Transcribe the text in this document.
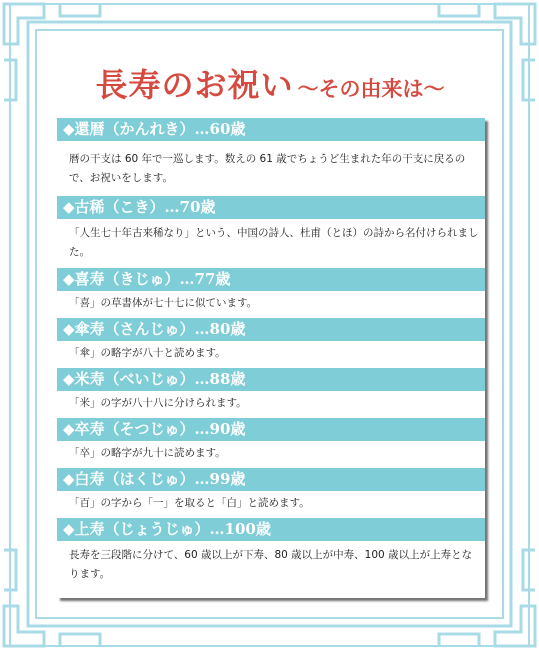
長寿のお祝い 〜その由来は〜
◆還暦（かんれき）…60歳
暦の干支は 60 年で一巡します。数えの 61 歳でちょうど生まれた年の干支に戻るので、お祝いをします。
◆古稀（こき）…70歳
「人生七十年古来稀なり」という、中国の詩人、杜甫（とほ）の詩から名付けられました。
◆喜寿（きじゅ）…77歳
「喜」の草書体が七十七に似ています。
◆傘寿（さんじゅ）…80歳
「傘」の略字が八十と読めます。
◆米寿（べいじゅ）…88歳
「米」の字が八十八に分けられます。
◆卒寿（そつじゅ）…90歳
「卒」の略字が九十に読めます。
◆白寿（はくじゅ）…99歳
「百」の字から「一」を取ると「白」と読めます。
◆上寿（じょうじゅ）…100歳
長寿を三段階に分けて、60 歳以上が下寿、80 歳以上が中寿、100 歳以上が上寿となります。
